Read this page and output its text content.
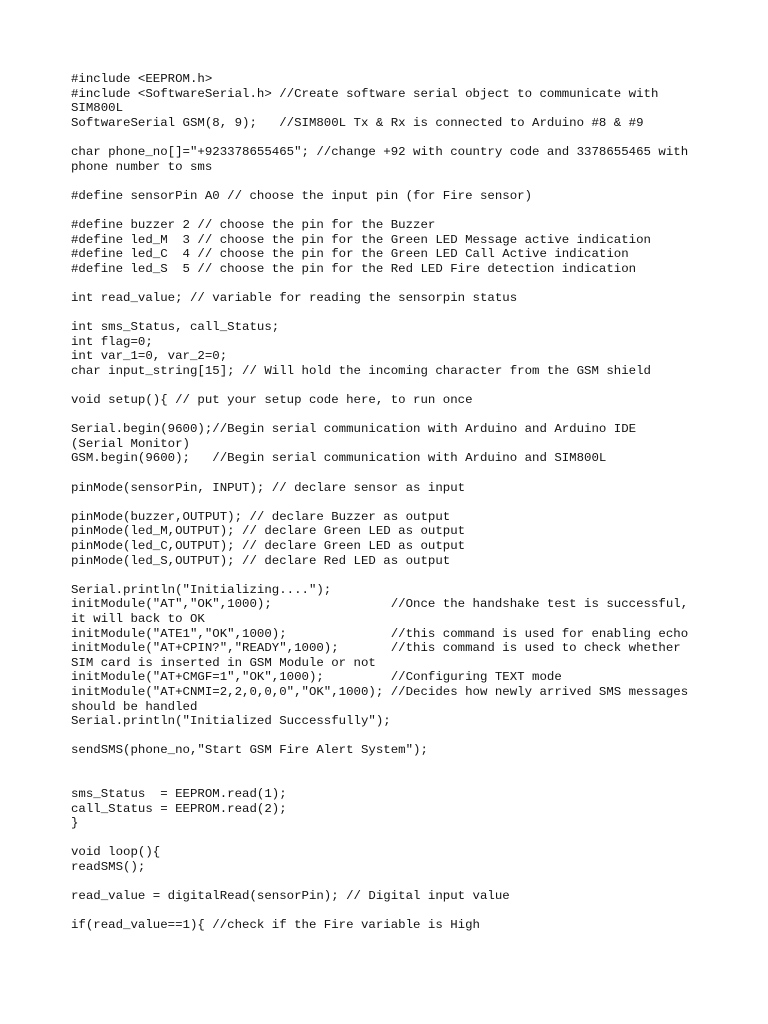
#include <EEPROM.h>
#include <SoftwareSerial.h> //Create software serial object to communicate with
SIM800L
SoftwareSerial GSM(8, 9);   //SIM800L Tx & Rx is connected to Arduino #8 & #9
char phone_no[]="+923378655465"; //change +92 with country code and 3378655465 with
phone number to sms
#define sensorPin A0 // choose the input pin (for Fire sensor)
#define buzzer 2 // choose the pin for the Buzzer
#define led_M  3 // choose the pin for the Green LED Message active indication
#define led_C  4 // choose the pin for the Green LED Call Active indication
#define led_S  5 // choose the pin for the Red LED Fire detection indication
int read_value; // variable for reading the sensorpin status
int sms_Status, call_Status;
int flag=0;
int var_1=0, var_2=0;
char input_string[15]; // Will hold the incoming character from the GSM shield
void setup(){ // put your setup code here, to run once
Serial.begin(9600);//Begin serial communication with Arduino and Arduino IDE
(Serial Monitor)
GSM.begin(9600);   //Begin serial communication with Arduino and SIM800L
pinMode(sensorPin, INPUT); // declare sensor as input
pinMode(buzzer,OUTPUT); // declare Buzzer as output
pinMode(led_M,OUTPUT); // declare Green LED as output
pinMode(led_C,OUTPUT); // declare Green LED as output
pinMode(led_S,OUTPUT); // declare Red LED as output
Serial.println("Initializing....");
initModule("AT","OK",1000);                //Once the handshake test is successful,
it will back to OK
initModule("ATE1","OK",1000);              //this command is used for enabling echo
initModule("AT+CPIN?","READY",1000);       //this command is used to check whether
SIM card is inserted in GSM Module or not
initModule("AT+CMGF=1","OK",1000);         //Configuring TEXT mode
initModule("AT+CNMI=2,2,0,0,0","OK",1000); //Decides how newly arrived SMS messages
should be handled
Serial.println("Initialized Successfully");
sendSMS(phone_no,"Start GSM Fire Alert System");
sms_Status  = EEPROM.read(1);
call_Status = EEPROM.read(2);
}
void loop(){
readSMS();
read_value = digitalRead(sensorPin); // Digital input value
if(read_value==1){ //check if the Fire variable is High
